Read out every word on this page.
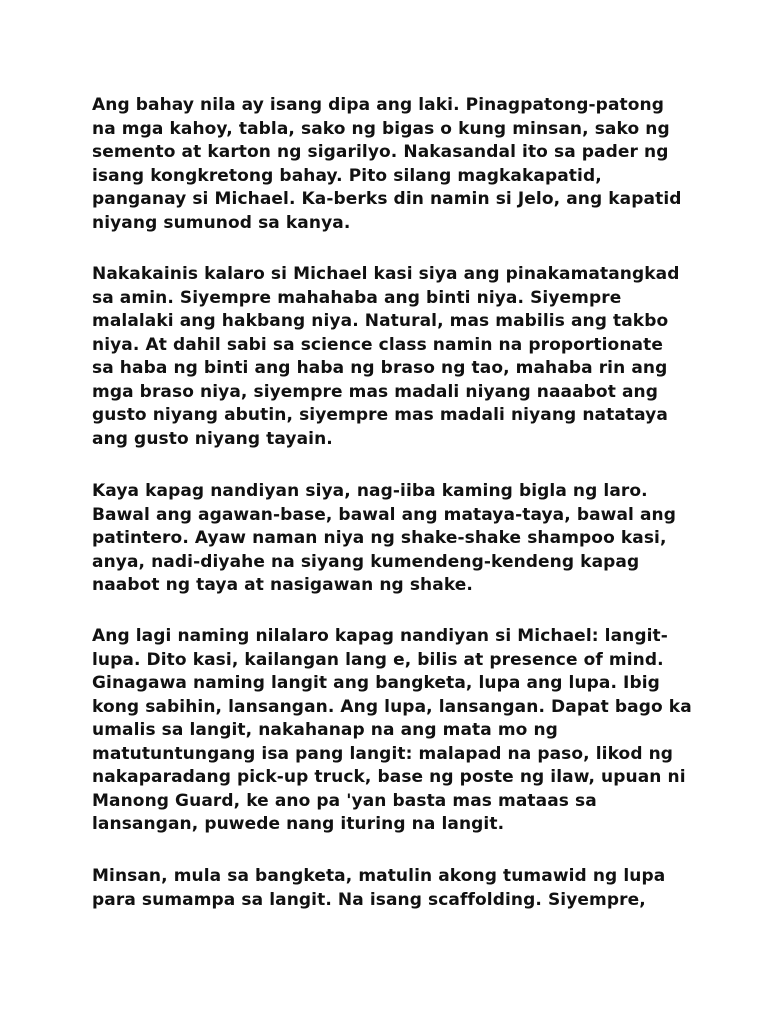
Ang bahay nila ay isang dipa ang laki. Pinagpatong-patong
na mga kahoy, tabla, sako ng bigas o kung minsan, sako ng
semento at karton ng sigarilyo. Nakasandal ito sa pader ng
isang kongkretong bahay. Pito silang magkakapatid,
panganay si Michael. Ka-berks din namin si Jelo, ang kapatid
niyang sumunod sa kanya.
Nakakainis kalaro si Michael kasi siya ang pinakamatangkad
sa amin. Siyempre mahahaba ang binti niya. Siyempre
malalaki ang hakbang niya. Natural, mas mabilis ang takbo
niya. At dahil sabi sa science class namin na proportionate
sa haba ng binti ang haba ng braso ng tao, mahaba rin ang
mga braso niya, siyempre mas madali niyang naaabot ang
gusto niyang abutin, siyempre mas madali niyang natataya
ang gusto niyang tayain.
Kaya kapag nandiyan siya, nag-iiba kaming bigla ng laro.
Bawal ang agawan-base, bawal ang mataya-taya, bawal ang
patintero. Ayaw naman niya ng shake-shake shampoo kasi,
anya, nadi-diyahe na siyang kumendeng-kendeng kapag
naabot ng taya at nasigawan ng shake.
Ang lagi naming nilalaro kapag nandiyan si Michael: langit-
lupa. Dito kasi, kailangan lang e, bilis at presence of mind.
Ginagawa naming langit ang bangketa, lupa ang lupa. Ibig
kong sabihin, lansangan. Ang lupa, lansangan. Dapat bago ka
umalis sa langit, nakahanap na ang mata mo ng
matutuntungang isa pang langit: malapad na paso, likod ng
nakaparadang pick-up truck, base ng poste ng ilaw, upuan ni
Manong Guard, ke ano pa 'yan basta mas mataas sa
lansangan, puwede nang ituring na langit.
Minsan, mula sa bangketa, matulin akong tumawid ng lupa
para sumampa sa langit. Na isang scaffolding. Siyempre,
